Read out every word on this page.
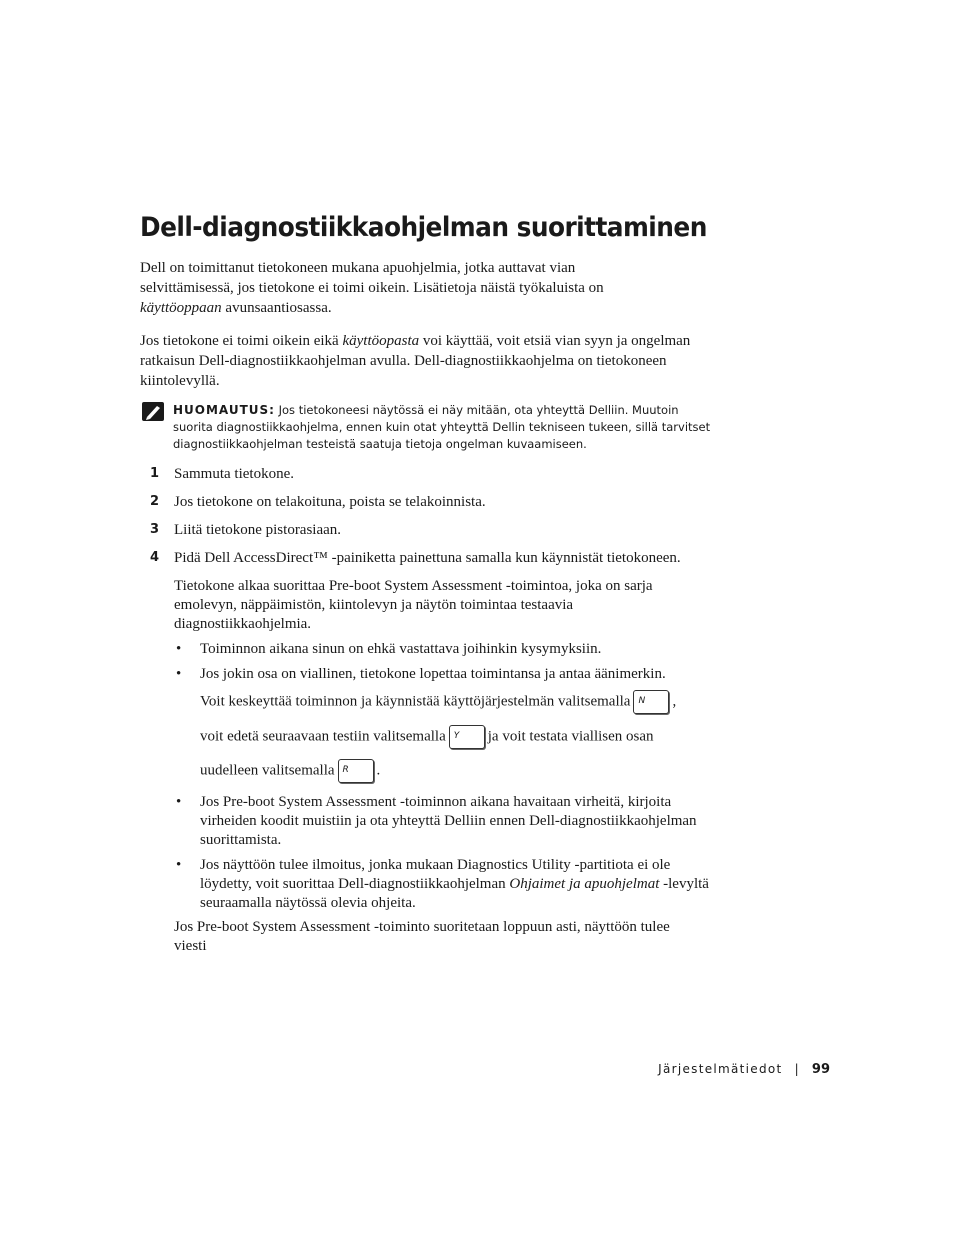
Dell-diagnostiikkaohjelman suorittaminen

Dell on toimittanut tietokoneen mukana apuohjelmia, jotka auttavat vian selvittämisessä, jos tietokone ei toimi oikein. Lisätietoja näistä työkaluista on käyttöoppaan avunsaantiosassa.

Jos tietokone ei toimi oikein eikä käyttöopasta voi käyttää, voit etsiä vian syyn ja ongelman ratkaisun Dell-diagnostiikkaohjelman avulla. Dell-diagnostiikkaohjelma on tietokoneen kiintolevyllä.

HUOMAUTUS: Jos tietokoneesi näytössä ei näy mitään, ota yhteyttä Delliin. Muutoin suorita diagnostiikkaohjelma, ennen kuin otat yhteyttä Dellin tekniseen tukeen, sillä tarvitset diagnostiikkaohjelman testeistä saatuja tietoja ongelman kuvaamiseen.
1 Sammuta tietokone.
2 Jos tietokone on telakoituna, poista se telakoinnista.
3 Liitä tietokone pistorasiaan.
4 Pidä Dell AccessDirect™ -painiketta painettuna samalla kun käynnistät tietokoneen.

Tietokone alkaa suorittaa Pre-boot System Assessment -toimintoa, joka on sarja emolevyn, näppäimistön, kiintolevyn ja näytön toimintaa testaavia diagnostiikkaohjelmia.

• Toiminnon aikana sinun on ehkä vastattava joihinkin kysymyksiin.
• Jos jokin osa on viallinen, tietokone lopettaa toimintansa ja antaa äänimerkin.
Voit keskeyttää toiminnon ja käynnistää käyttöjärjestelmän valitsemalla N ,
voit edetä seuraavaan testiin valitsemalla Y ja voit testata viallisen osan
uudelleen valitsemalla R .
• Jos Pre-boot System Assessment -toiminnon aikana havaitaan virheitä, kirjoita virheiden koodit muistiin ja ota yhteyttä Delliin ennen Dell-diagnostiikkaohjelman suorittamista.
• Jos näyttöön tulee ilmoitus, jonka mukaan Diagnostics Utility -partitiota ei ole löydetty, voit suorittaa Dell-diagnostiikkaohjelman Ohjaimet ja apuohjelmat -levyltä seuraamalla näytössä olevia ohjeita.

Jos Pre-boot System Assessment -toiminto suoritetaan loppuun asti, näyttöön tulee viesti

Järjestelmätiedot | 99
